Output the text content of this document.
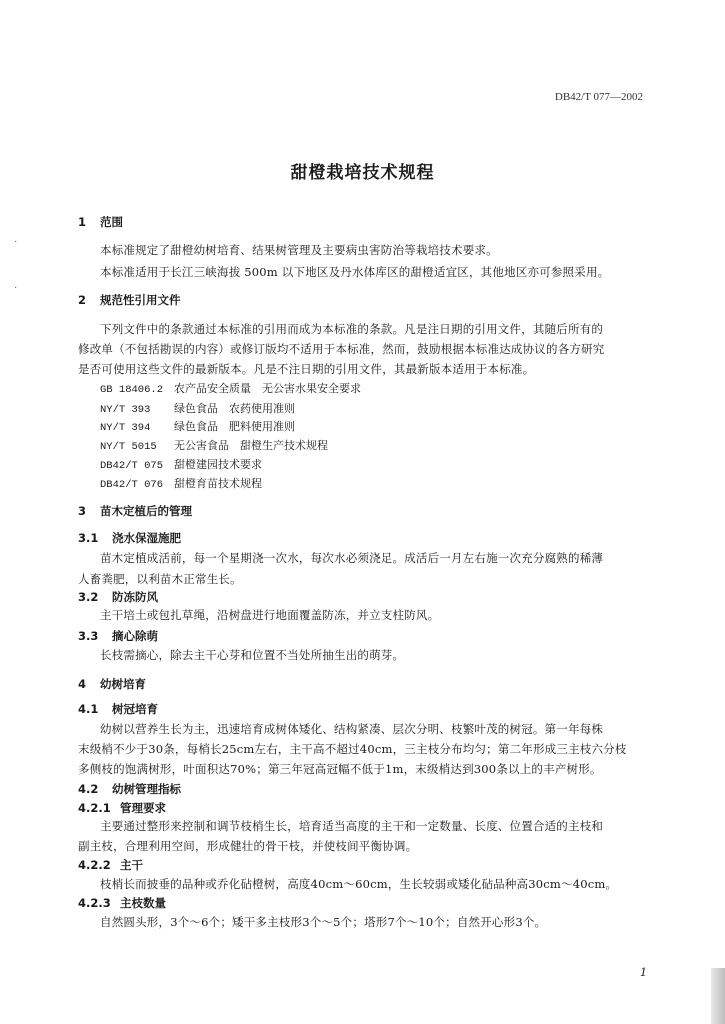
DB42/T 077—2002
甜橙栽培技术规程
·
·
1 范围
本标准规定了甜橙幼树培育、结果树管理及主要病虫害防治等栽培技术要求。
本标准适用于长江三峡海拔 500m 以下地区及丹水体库区的甜橙适宜区，其他地区亦可参照采用。
2 规范性引用文件
下列文件中的条款通过本标准的引用而成为本标准的条款。凡是注日期的引用文件，其随后所有的
修改单（不包括勘误的内容）或修订版均不适用于本标准，然而，鼓励根据本标准达成协议的各方研究
是否可使用这些文件的最新版本。凡是不注日期的引用文件，其最新版本适用于本标准。
GB 18406.2 农产品安全质量　无公害水果安全要求
NY/T 393 绿色食品　农药使用准则
NY/T 394 绿色食品　肥料使用准则
NY/T 5015 无公害食品　甜橙生产技术规程
DB42/T 075 甜橙建园技术要求
DB42/T 076 甜橙育苗技术规程
3 苗木定植后的管理
3.1 浇水保湿施肥
苗木定植成活前，每一个星期浇一次水，每次水必须浇足。成活后一月左右施一次充分腐熟的稀薄
人畜粪肥，以利苗木正常生长。
3.2 防冻防风
主干培土或包扎草绳，沿树盘进行地面覆盖防冻，并立支柱防风。
3.3 摘心除萌
长枝需摘心，除去主干心芽和位置不当处所抽生出的萌芽。
4 幼树培育
4.1 树冠培育
幼树以营养生长为主，迅速培育成树体矮化、结构紧凑、层次分明、枝繁叶茂的树冠。第一年每株
末级梢不少于30条，每梢长25cm左右，主干高不超过40cm，三主枝分布均匀；第二年形成三主枝六分枝
多侧枝的饱满树形，叶面积达70%；第三年冠高冠幅不低于1m，末级梢达到300条以上的丰产树形。
4.2 幼树管理指标
4.2.1 管理要求
主要通过整形来控制和调节枝梢生长，培育适当高度的主干和一定数量、长度、位置合适的主枝和
副主枝，合理利用空间，形成健壮的骨干枝，并使枝间平衡协调。
4.2.2 主干
枝梢长而披垂的品种或乔化砧橙树，高度40cm～60cm，生长较弱或矮化砧品种高30cm～40cm。
4.2.3 主枝数量
自然圆头形，3个～6个；矮干多主枝形3个～5个；塔形7个～10个；自然开心形3个。
1
